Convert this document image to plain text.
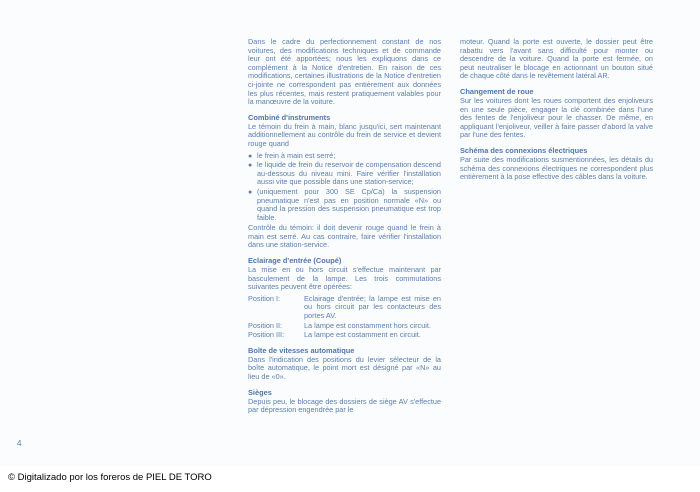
Dans le cadre du perfectionnement constant de nos voitures, des modifications techniques et de commande leur ont été apportées; nous les expliquons dans ce complément à la Notice d'entretien. En raison de ces modifications, certaines illustrations de la Notice d'entretien ci-jointe ne correspondent pas entièrement aux données les plus récentes, mais restent pratiquement valables pour la manœuvre de la voiture.

Combiné d'instruments

Le témoin du frein à main, blanc jusqu'ici, sert maintenant additionnellement au contrôle du frein de service et devient rouge quand

● le frein à main est serré;
● le liquide de frein du reservoir de compensation descend au-dessous du niveau mini. Faire vérifier l'installation aussi vite que possible dans une station-service;
● (uniquement pour 300 SE Cp/Ca) la suspension pneumatique n'est pas en position normale «N» ou quand la pression des suspension pneumatique est trop faible.

Contrôle du témoin: il doit devenir rouge quand le frein à main est serré. Au cas contraire, faire vérifier l'installation dans une station-service.

Eclairage d'entrée (Coupé)

La mise en ou hors circuit s'effectue maintenant par basculement de la lampe. Les trois commutations suivantes peuvent être opérées:

Position I:	Eclairage d'entrée; la lampe est mise en ou hors circuit par les contacteurs des portes AV.
Position II:	La lampe est constamment hors circuit.
Position III:	La lampe est costamment en circuit.
Boîte de vitesses automatique

Dans l'indication des positions du levier sélecteur de la boîte automatique, le point mort est désigné par «N» au lieu de «0».

Sièges

Depuis peu, le blocage des dossiers de siège AV s'effectue par dépression engendrée par le

moteur. Quand la porte est ouverte, le dossier peut être rabattu vers l'avant sans difficulté pour monter ou descendre de la voiture. Quand la porte est fermée, on peut neutraliser le blocage en actionnant un bouton situé de chaque côté dans le revêtement latéral AR.

Changement de roue

Sur les voitures dont les roues comportent des enjoliveurs en une seule pièce, engager la clé combinée dans l'une des fentes de l'enjoliveur pour le chasser. De même, en appliquant l'enjoliveur, veiller à faire passer d'abord la valve par l'une des fentes.

Schéma des connexions électriques

Par suite des modifications susmentionnées, les détails du schéma des connexions électriques ne correspondent plus entièrement à la pose effective des câbles dans la voiture.

4
© Digitalizado por los foreros de PIEL DE TORO
